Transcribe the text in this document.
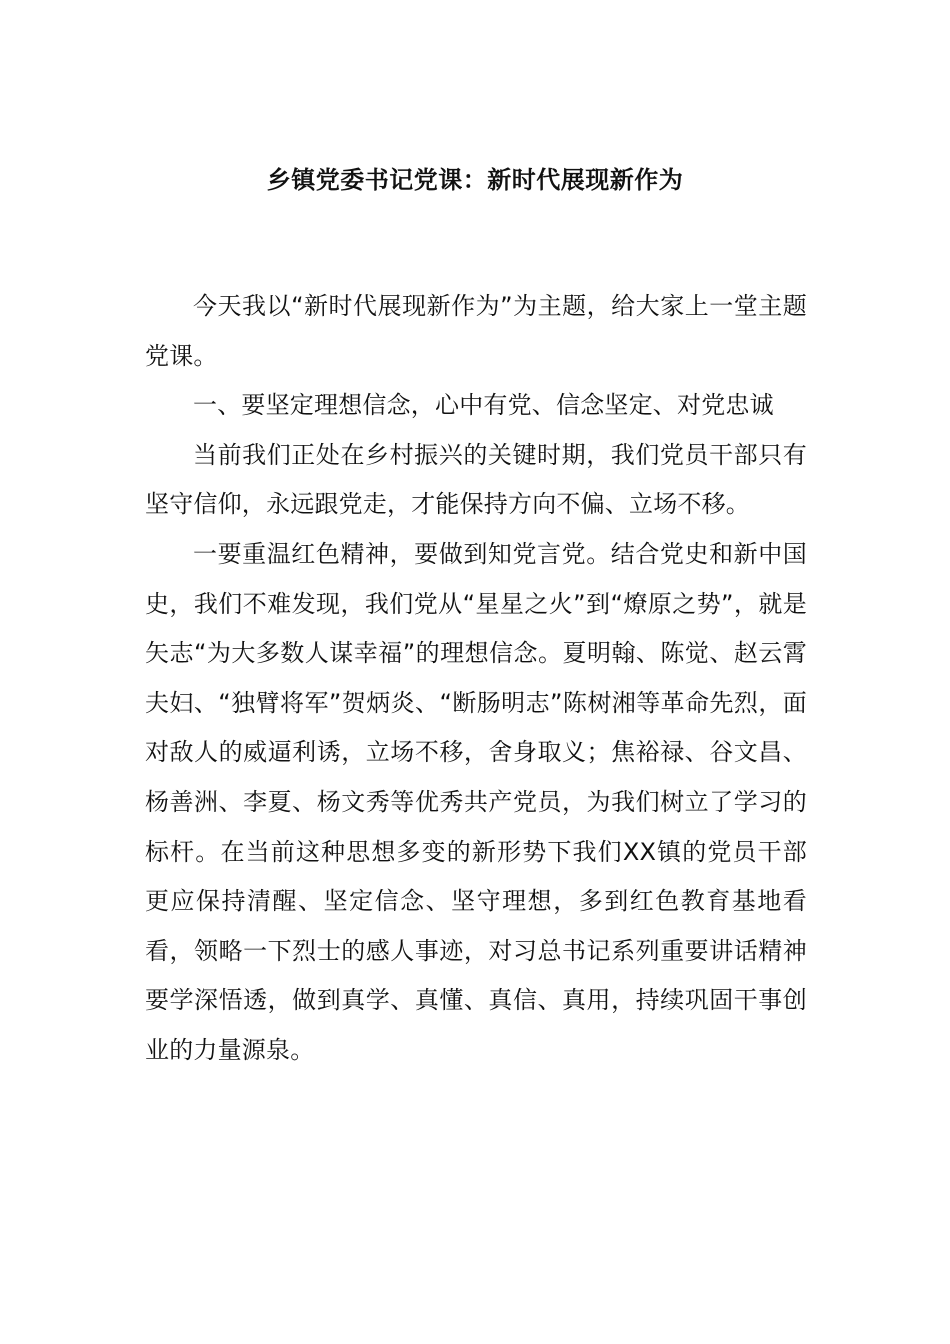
乡镇党委书记党课：新时代展现新作为

今天我以“新时代展现新作为”为主题，给大家上一堂主题党课。

一、要坚定理想信念，心中有党、信念坚定、对党忠诚

当前我们正处在乡村振兴的关键时期，我们党员干部只有坚守信仰，永远跟党走，才能保持方向不偏、立场不移。

一要重温红色精神，要做到知党言党。结合党史和新中国史，我们不难发现，我们党从“星星之火”到“燎原之势”，就是矢志“为大多数人谋幸福”的理想信念。夏明翰、陈觉、赵云霄夫妇、“独臂将军”贺炳炎、“断肠明志”陈树湘等革命先烈，面对敌人的威逼利诱，立场不移，舍身取义；焦裕禄、谷文昌、杨善洲、李夏、杨文秀等优秀共产党员，为我们树立了学习的标杆。在当前这种思想多变的新形势下我们XX镇的党员干部更应保持清醒、坚定信念、坚守理想，多到红色教育基地看看，领略一下烈士的感人事迹，对习总书记系列重要讲话精神要学深悟透，做到真学、真懂、真信、真用，持续巩固干事创业的力量源泉。
